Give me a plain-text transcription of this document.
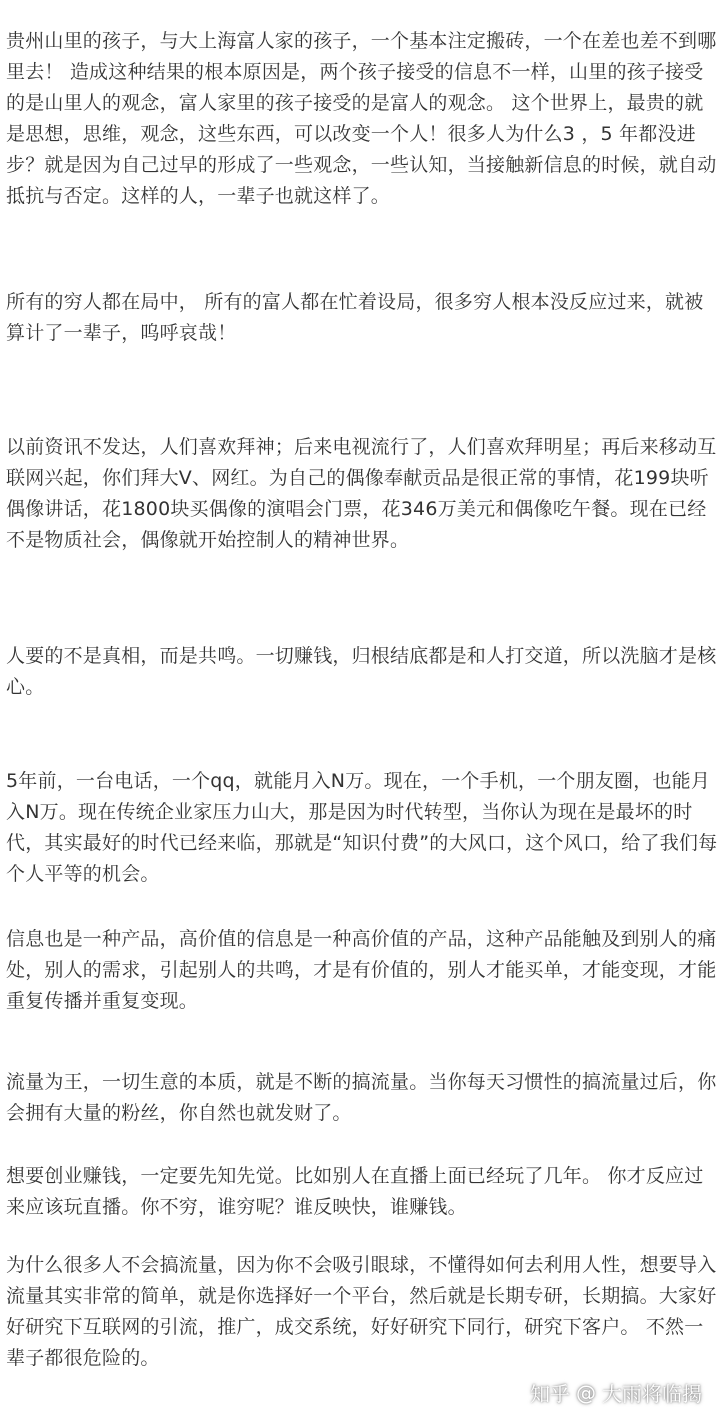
贵州山里的孩子，与大上海富人家的孩子，一个基本注定搬砖，一个在差也差不到哪里去！ 造成这种结果的根本原因是，两个孩子接受的信息不一样，山里的孩子接受的是山里人的观念，富人家里的孩子接受的是富人的观念。 这个世界上，最贵的就是思想，思维，观念，这些东西，可以改变一个人！很多人为什么3 ，5 年都没进步？就是因为自己过早的形成了一些观念，一些认知，当接触新信息的时候，就自动抵抗与否定。这样的人，一辈子也就这样了。

所有的穷人都在局中， 所有的富人都在忙着设局，很多穷人根本没反应过来，就被算计了一辈子，呜呼哀哉！

以前资讯不发达，人们喜欢拜神；后来电视流行了，人们喜欢拜明星；再后来移动互联网兴起，你们拜大V、网红。为自己的偶像奉献贡品是很正常的事情，花199块听偶像讲话，花1800块买偶像的演唱会门票，花346万美元和偶像吃午餐。现在已经不是物质社会，偶像就开始控制人的精神世界。

人要的不是真相，而是共鸣。一切赚钱，归根结底都是和人打交道，所以洗脑才是核心。

5年前，一台电话，一个qq，就能月入N万。现在，一个手机，一个朋友圈，也能月入N万。现在传统企业家压力山大，那是因为时代转型，当你认为现在是最坏的时代，其实最好的时代已经来临，那就是“知识付费”的大风口，这个风口，给了我们每个人平等的机会。

信息也是一种产品，高价值的信息是一种高价值的产品，这种产品能触及到别人的痛处，别人的需求，引起别人的共鸣，才是有价值的，别人才能买单，才能变现，才能重复传播并重复变现。

流量为王，一切生意的本质，就是不断的搞流量。当你每天习惯性的搞流量过后，你会拥有大量的粉丝，你自然也就发财了。

想要创业赚钱，一定要先知先觉。比如别人在直播上面已经玩了几年。 你才反应过 来应该玩直播。你不穷，谁穷呢？谁反映快，谁赚钱。

为什么很多人不会搞流量，因为你不会吸引眼球，不懂得如何去利用人性，想要导入流量其实非常的简单，就是你选择好一个平台，然后就是长期专研，长期搞。大家好好研究下互联网的引流，推广，成交系统，好好研究下同行，研究下客户。 不然一辈子都很危险的。

知乎 @ 大雨将临揭
